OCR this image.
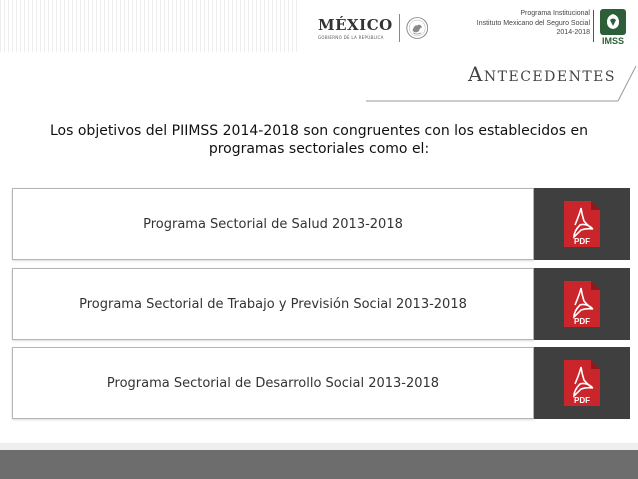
MÉXICO
GOBIERNO DE LA REPÚBLICA
Programa Institucional
Instituto Mexicano del Seguro Social
2014-2018
IMSS
Antecedentes
Los objetivos del PIIMSS 2014-2018 son congruentes con los establecidos en programas sectoriales como el:
Programa Sectorial de Salud 2013-2018
PDF
Programa Sectorial de Trabajo y Previsión Social 2013-2018
PDF
Programa Sectorial de Desarrollo Social 2013-2018
PDF
